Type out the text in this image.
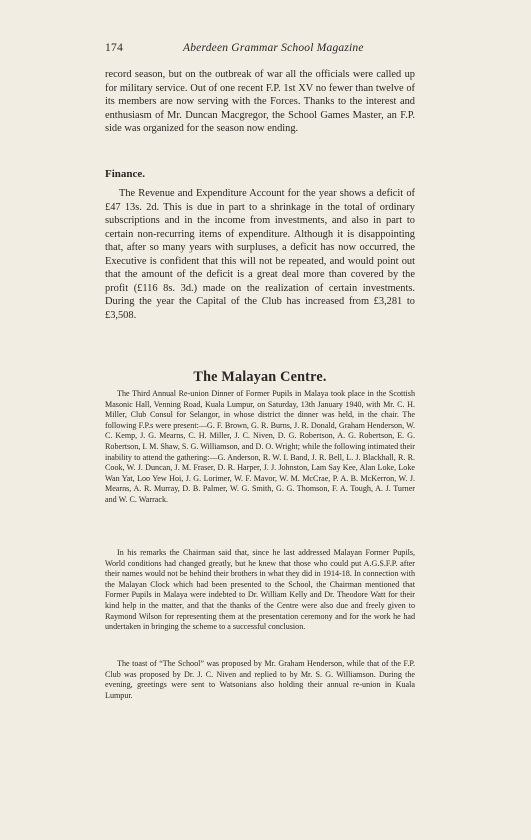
174	Aberdeen Grammar School Magazine

record season, but on the outbreak of war all the officials were called up for military service. Out of one recent F.P. 1st XV no fewer than twelve of its members are now serving with the Forces. Thanks to the interest and enthusiasm of Mr. Duncan Macgregor, the School Games Master, an F.P. side was organized for the season now ending.

Finance.

The Revenue and Expenditure Account for the year shows a deficit of £47 13s. 2d. This is due in part to a shrinkage in the total of ordinary subscriptions and in the income from investments, and also in part to certain non-recurring items of expenditure. Although it is disappointing that, after so many years with surpluses, a deficit has now occurred, the Executive is confident that this will not be repeated, and would point out that the amount of the deficit is a great deal more than covered by the profit (£116 8s. 3d.) made on the realization of certain investments. During the year the Capital of the Club has increased from £3,281 to £3,508.

The Malayan Centre.

The Third Annual Re-union Dinner of Former Pupils in Malaya took place in the Scottish Masonic Hall, Venning Road, Kuala Lumpur, on Saturday, 13th January 1940, with Mr. C. H. Miller, Club Consul for Selangor, in whose district the dinner was held, in the chair. The following F.P.s were present:—G. F. Brown, G. R. Burns, J. R. Donald, Graham Henderson, W. C. Kemp, J. G. Mearns, C. H. Miller, J. C. Niven, D. G. Robertson, A. G. Robertson, E. G. Robertson, I. M. Shaw, S. G. Williamson, and D. O. Wright; while the following intimated their inability to attend the gathering:—G. Anderson, R. W. I. Band, J. R. Bell, L. J. Blackhall, R. R. Cook, W. J. Duncan, J. M. Fraser, D. R. Harper, J. J. Johnston, Lam Say Kee, Alan Loke, Loke Wan Yat, Loo Yew Hoi, J. G. Lorimer, W. F. Mavor, W. M. McCrae, P. A. B. McKerron, W. J. Mearns, A. R. Murray, D. B. Palmer, W. G. Smith, G. G. Thomson, F. A. Tough, A. J. Turner and W. C. Warrack.

In his remarks the Chairman said that, since he last addressed Malayan Former Pupils, World conditions had changed greatly, but he knew that those who could put A.G.S.F.P. after their names would not be behind their brothers in what they did in 1914-18. In connection with the Malayan Clock which had been presented to the School, the Chairman mentioned that Former Pupils in Malaya were indebted to Dr. William Kelly and Dr. Theodore Watt for their kind help in the matter, and that the thanks of the Centre were also due and freely given to Raymond Wilson for representing them at the presentation ceremony and for the work he had undertaken in bringing the scheme to a successful conclusion.

The toast of “The School” was proposed by Mr. Graham Henderson, while that of the F.P. Club was proposed by Dr. J. C. Niven and replied to by Mr. S. G. Williamson. During the evening, greetings were sent to Watsonians also holding their annual re-union in Kuala Lumpur.
